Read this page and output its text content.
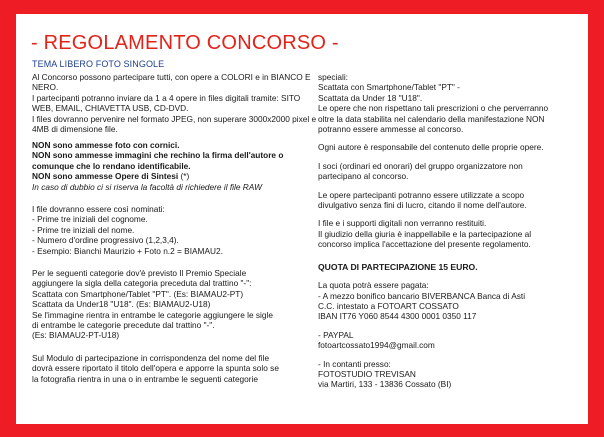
- REGOLAMENTO CONCORSO -
TEMA LIBERO FOTO SINGOLE

Al Concorso possono partecipare tutti, con opere a COLORI e in BIANCO E NERO.

I partecipanti potranno inviare da 1 a 4 opere in files digitali tramite: SITO WEB, EMAIL, CHIAVETTA USB, CD-DVD.

I files dovranno pervenire nel formato JPEG, non superare 3000x2000 pixel e 4MB di dimensione file.

NON sono ammesse foto con cornici.

NON sono ammesse immagini che rechino la firma dell'autore o comunque che lo rendano identificabile.

NON sono ammesse Opere di Sintesi (*)

In caso di dubbio ci si riserva la facoltà di richiedere il file RAW

I file dovranno essere così nominati:

- Prime tre iniziali del cognome.

- Prime tre iniziali del nome.

- Numero d'ordine progressivo (1,2,3,4).

- Esempio: Bianchi Maurizio + Foto n.2 = BIAMAU2.

Per le seguenti categorie dov'è previsto Il Premio Speciale

aggiungere la sigla della categoria preceduta dal trattino "-":

Scattata con Smartphone/Tablet "PT". (Es: BIAMAU2-PT)

Scattata da Under18 "U18". (Es: BIAMAU2-U18)

Se l'immagine rientra in entrambe le categorie aggiungere le sigle

di entrambe le categorie precedute dal trattino "-".

(Es: BIAMAU2-PT-U18)

Sul Modulo di partecipazione in corrispondenza del nome del file

dovrà essere riportato il titolo dell'opera e apporre la spunta solo se

la fotografia rientra in una o in entrambe le seguenti categorie

speciali:

Scattata con Smartphone/Tablet "PT" -

Scattata da Under 18 "U18".

Le opere che non rispettano tali prescrizioni o che perverranno

oltre la data stabilita nel calendario della manifestazione NON

potranno essere ammesse al concorso.

Ogni autore è responsabile del contenuto delle proprie opere.

I soci (ordinari ed onorari) del gruppo organizzatore non

partecipano al concorso.

Le opere partecipanti potranno essere utilizzate a scopo

divulgativo senza fini di lucro, citando il nome dell'autore.

I file e i supporti digitali non verranno restituiti.

Il giudizio della giuria è inappellabile e la partecipazione al

concorso implica l'accettazione del presente regolamento.

QUOTA DI PARTECIPAZIONE 15 EURO.

La quota potrà essere pagata:

- A mezzo bonifico bancario BIVERBANCA Banca di Asti

C.C. intestato a FOTOART COSSATO

IBAN IT76 Y060 8544 4300 0001 0350 117

- PAYPAL

fotoartcossato1994@gmail.com

- In contanti presso:

FOTOSTUDIO TREVISAN

via Martiri, 133 - 13836 Cossato (BI)
